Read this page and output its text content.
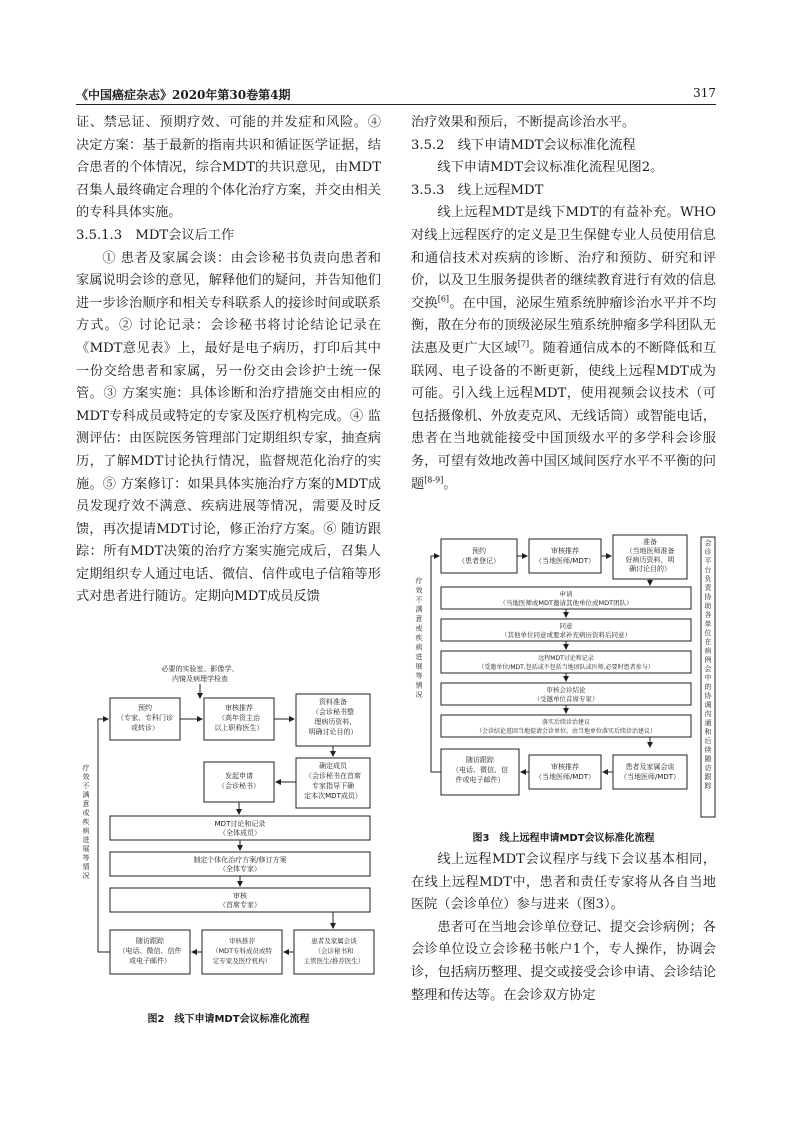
《中国癌症杂志》2020年第30卷第4期	317

证、禁忌证、预期疗效、可能的并发症和风险。④ 决定方案：基于最新的指南共识和循证医学证据，结合患者的个体情况，综合MDT的共识意见，由MDT召集人最终确定合理的个体化治疗方案，并交由相关的专科具体实施。

3.5.1.3　MDT会议后工作

① 患者及家属会谈：由会诊秘书负责向患者和家属说明会诊的意见，解释他们的疑问，并告知他们进一步诊治顺序和相关专科联系人的接诊时间或联系方式。② 讨论记录：会诊秘书将讨论结论记录在《MDT意见表》上，最好是电子病历，打印后其中一份交给患者和家属，另一份交由会诊护士统一保管。③ 方案实施：具体诊断和治疗措施交由相应的MDT专科成员或特定的专家及医疗机构完成。④ 监测评估：由医院医务管理部门定期组织专家，抽查病历，了解MDT讨论执行情况，监督规范化治疗的实施。⑤ 方案修订：如果具体实施治疗方案的MDT成员发现疗效不满意、疾病进展等情况，需要及时反馈，再次提请MDT讨论，修正治疗方案。⑥ 随访跟踪：所有MDT决策的治疗方案实施完成后，召集人定期组织专人通过电话、微信、信件或电子信箱等形式对患者进行随访。定期向MDT成员反馈

治疗效果和预后，不断提高诊治水平。

3.5.2　线下申请MDT会议标准化流程

线下申请MDT会议标准化流程见图2。

3.5.3　线上远程MDT

线上远程MDT是线下MDT的有益补充。WHO对线上远程医疗的定义是卫生保健专业人员使用信息和通信技术对疾病的诊断、治疗和预防、研究和评价，以及卫生服务提供者的继续教育进行有效的信息交换[6]。在中国，泌尿生殖系统肿瘤诊治水平并不均衡，散在分布的顶级泌尿生殖系统肿瘤多学科团队无法惠及更广大区域[7]。随着通信成本的不断降低和互联网、电子设备的不断更新，使线上远程MDT成为可能。引入线上远程MDT，使用视频会议技术（可包括摄像机、外放麦克风、无线话筒）或智能电话，患者在当地就能接受中国顶级水平的多学科会诊服务，可望有效地改善中国区域间医疗水平不平衡的问题[8-9]。

必要的实验室、影像学、内镜及病理学检查
预约（专家、专科门诊或转诊）
审核推荐（高年资主治以上职称医生）
资料准备（会诊秘书整理病历资料,明确讨论目的）
发起申请（会诊秘书）
确定成员（会诊秘书在首席专家指导下确定本次MDT成员）
MDT讨论和记录（全体成员）
制定个体化治疗方案/修订方案（全体专家）
审核（首席专家）
随访跟踪（电话、微信、信件或电子邮件）
审核推荐（MDT专科成员或特定专家及医疗机构）
患者及家属会谈（会诊秘书和主管医生/推荐医生）
疗效不满意或疾病进展等情况
图2　线下申请MDT会议标准化流程
会诊平台负责协助各单位在病例会中的协调沟通和后续随访跟踪
预约（患者登记）
审核推荐（当地医师/MDT）
准备（当地医师准备好病历资料，明确讨论目的）
申请（当地医师或MDT邀请其他单位或MDT团队）
同意（其他单位同意或要求补充病历资料后同意）
远程MDT讨论和记录（受邀单位/MDT,包括或不包括当地团队或医师,必要时患者参与）
审核会诊结论（受邀单位首席专家）
落实后续诊治建议（会诊结论返回当地提请会诊单位，由当地单位落实后续诊治建议）
随访跟踪（电话、微信、信件或电子邮件）
审核推荐（当地医师/MDT）
患者及家属会谈（当地医师/MDT）
疗效不满意或疾病进展等情况
图3　线上远程申请MDT会议标准化流程

线上远程MDT会议程序与线下会议基本相同，在线上远程MDT中，患者和责任专家将从各自当地医院（会诊单位）参与进来（图3）。

患者可在当地会诊单位登记、提交会诊病例；各会诊单位设立会诊秘书帐户1个，专人操作，协调会诊，包括病历整理、提交或接受会诊申请、会诊结论整理和传达等。在会诊双方协定
